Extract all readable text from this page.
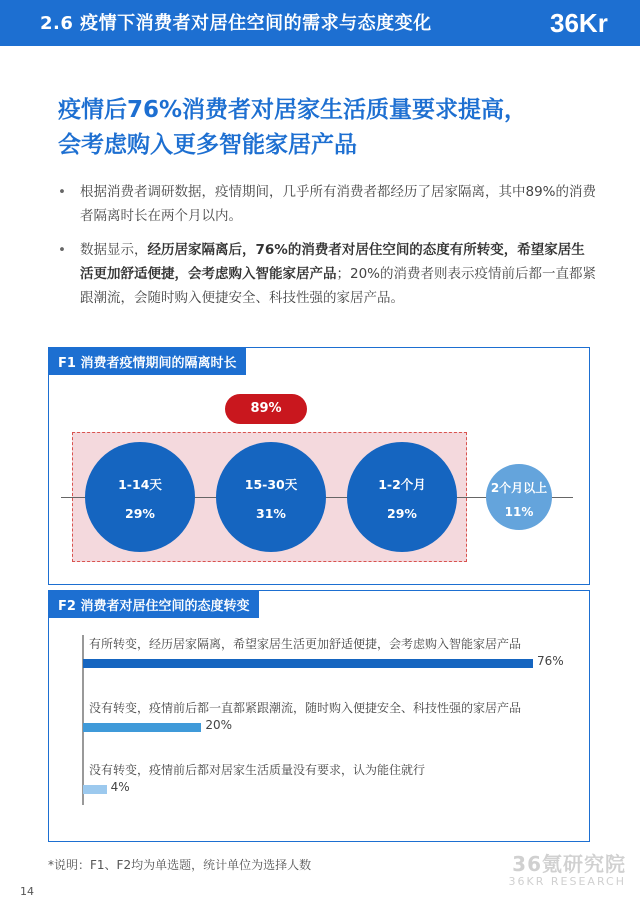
2.6 疫情下消费者对居住空间的需求与态度变化	36Kr
疫情后76%消费者对居家生活质量要求提高，
会考虑购入更多智能家居产品
• 根据消费者调研数据，疫情期间，几乎所有消费者都经历了居家隔离，其中89%的消费者隔离时长在两个月以内。
• 数据显示，经历居家隔离后，76%的消费者对居住空间的态度有所转变，希望家居生活更加舒适便捷，会考虑购入智能家居产品；20%的消费者则表示疫情前后都一直都紧跟潮流，会随时购入便捷安全、科技性强的家居产品。
F1 消费者疫情期间的隔离时长
89%
1-14天
29%
15-30天
31%
1-2个月
29%
2个月以上
11%
F2 消费者对居住空间的态度转变
有所转变，经历居家隔离，希望家居生活更加舒适便捷，会考虑购入智能家居产品
76%
没有转变，疫情前后都一直都紧跟潮流，随时购入便捷安全、科技性强的家居产品
20%
没有转变，疫情前后都对居家生活质量没有要求，认为能住就行
4%
*说明：F1、F2均为单选题，统计单位为选择人数	36氪研究院
36KR RESEARCH
14
